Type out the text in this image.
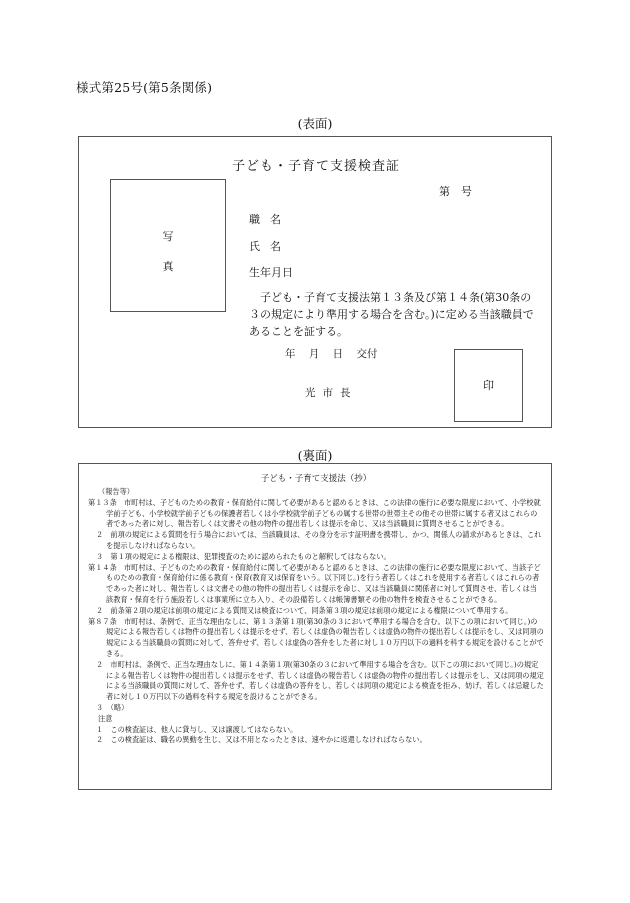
様式第25号(第5条関係)
(表面)
子ども・子育て支援検査証
第　号
写
真
職名
氏名
生年月日
子ども・子育て支援法第１３条及び第１４条(第30条の３の規定により準用する場合を含む。)に定める当該職員であることを証する。
年 月 日 交付
光市長
印
(裏面)
子ども・子育て支援法（抄）
（報告等）
第１３条　市町村は、子どものための教育・保育給付に関して必要があると認めるときは、この法律の施行に必要な限度において、小学校就学前子ども、小学校就学前子どもの保護者若しくは小学校就学前子どもの属する世帯の世帯主その他その世帯に属する者又はこれらの者であった者に対し、報告若しくは文書その他の物件の提出若しくは提示を命じ、又は当該職員に質問させることができる。
２　前項の規定による質問を行う場合においては、当該職員は、その身分を示す証明書を携帯し、かつ、関係人の請求があるときは、これを提示しなければならない。
３　第１項の規定による権限は、犯罪捜査のために認められたものと解釈してはならない。
第１４条　市町村は、子どものための教育・保育給付に関して必要があると認めるときは、この法律の施行に必要な限度において、当該子どものための教育・保育給付に係る教育・保育(教育又は保育をいう。以下同じ。)を行う者若しくはこれを使用する者若しくはこれらの者であった者に対し、報告若しくは文書その他の物件の提出若しくは提示を命じ、又は当該職員に関係者に対して質問させ、若しくは当該教育・保育を行う施設若しくは事業所に立ち入り、その設備若しくは帳簿書類その他の物件を検査させることができる。
２　前条第２項の規定は前項の規定による質問又は検査について、同条第３項の規定は前項の規定による権限について準用する。
第８７条　市町村は、条例で、正当な理由なしに、第１３条第１項(第30条の３において準用する場合を含む。以下この項において同じ。)の規定による報告若しくは物件の提出若しくは提示をせず、若しくは虚偽の報告若しくは虚偽の物件の提出若しくは提示をし、又は同項の規定による当該職員の質問に対して、答弁せず、若しくは虚偽の答弁をした者に対し１０万円以下の過料を科する規定を設けることができる。
２　市町村は、条例で、正当な理由なしに、第１４条第１項(第30条の３において準用する場合を含む。以下この項において同じ。)の規定による報告若しくは物件の提出若しくは提示をせず、若しくは虚偽の報告若しくは虚偽の物件の提出若しくは提示をし、又は同項の規定による当該職員の質問に対して、答弁せず、若しくは虚偽の答弁をし、若しくは同項の規定による検査を拒み、妨げ、若しくは忌避した者に対し１０万円以下の過料を科する規定を設けることができる。
３　（略）
注意
１　この検査証は、他人に貸与し、又は譲渡してはならない。
２　この検査証は、職名の異動を生じ、又は不用となったときは、速やかに返還しなければならない。
